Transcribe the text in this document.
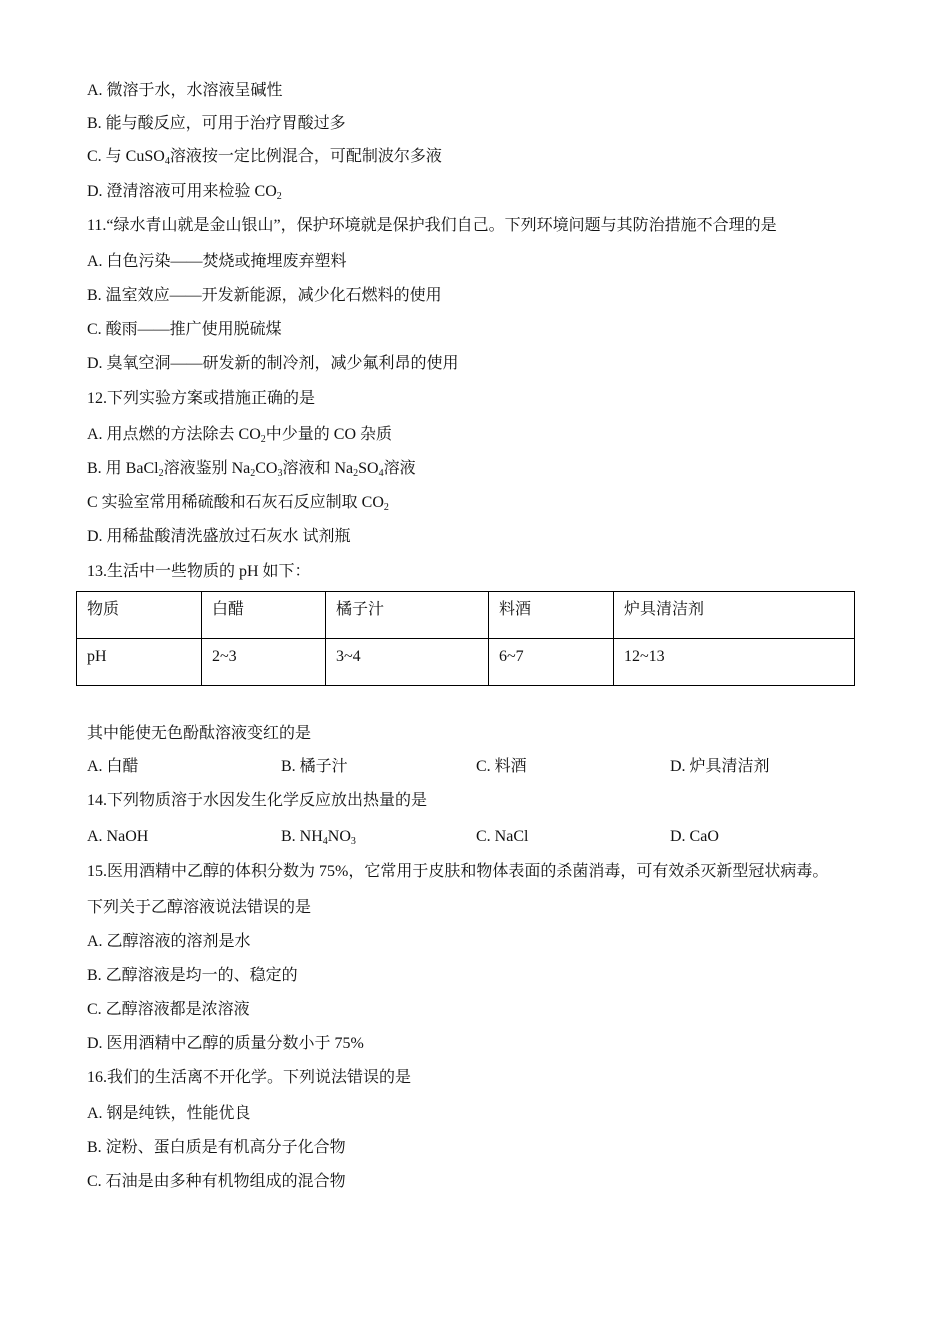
A. 微溶于水，水溶液呈碱性
B. 能与酸反应，可用于治疗胃酸过多
C. 与 CuSO$_4$溶液按一定比例混合，可配制波尔多液
D. 澄清溶液可用来检验 $CO_2$
11.“绿水青山就是金山银山”，保护环境就是保护我们自己。下列环境问题与其防治措施不合理的是
A. 白色污染——焚烧或掩埋废弃塑料
B. 温室效应——开发新能源，减少化石燃料的使用
C. 酸雨——推广使用脱硫煤
D. 臭氧空洞——研发新的制冷剂，减少氟利昂的使用
12.下列实验方案或措施正确的是
A. 用点燃的方法除去 $CO_2$中少量的 CO 杂质
B. 用 BaCl$_2$溶液鉴别 $Na_2CO_3$溶液和 $Na_2SO_4$溶液
C 实验室常用稀硫酸和石灰石反应制取 $CO_2$
D. 用稀盐酸清洗盛放过石灰水 试剂瓶
13.生活中一些物质的 pH 如下：
物质	白醋	橘子汁	料酒	炉具清洁剂
pH	2~3	3~4	6~7	12~13
其中能使无色酚酞溶液变红的是
A. 白醋	B. 橘子汁	C. 料酒	D. 炉具清洁剂
14.下列物质溶于水因发生化学反应放出热量的是
A. NaOH	B. $NH_4NO_3$	C. NaCl	D. CaO
15.医用酒精中乙醇的体积分数为 75%，它常用于皮肤和物体表面的杀菌消毒，可有效杀灭新型冠状病毒。
下列关于乙醇溶液说法错误的是
A. 乙醇溶液的溶剂是水
B. 乙醇溶液是均一的、稳定的
C. 乙醇溶液都是浓溶液
D. 医用酒精中乙醇的质量分数小于 75%
16.我们的生活离不开化学。下列说法错误的是
A. 钢是纯铁，性能优良
B. 淀粉、蛋白质是有机高分子化合物
C. 石油是由多种有机物组成的混合物
